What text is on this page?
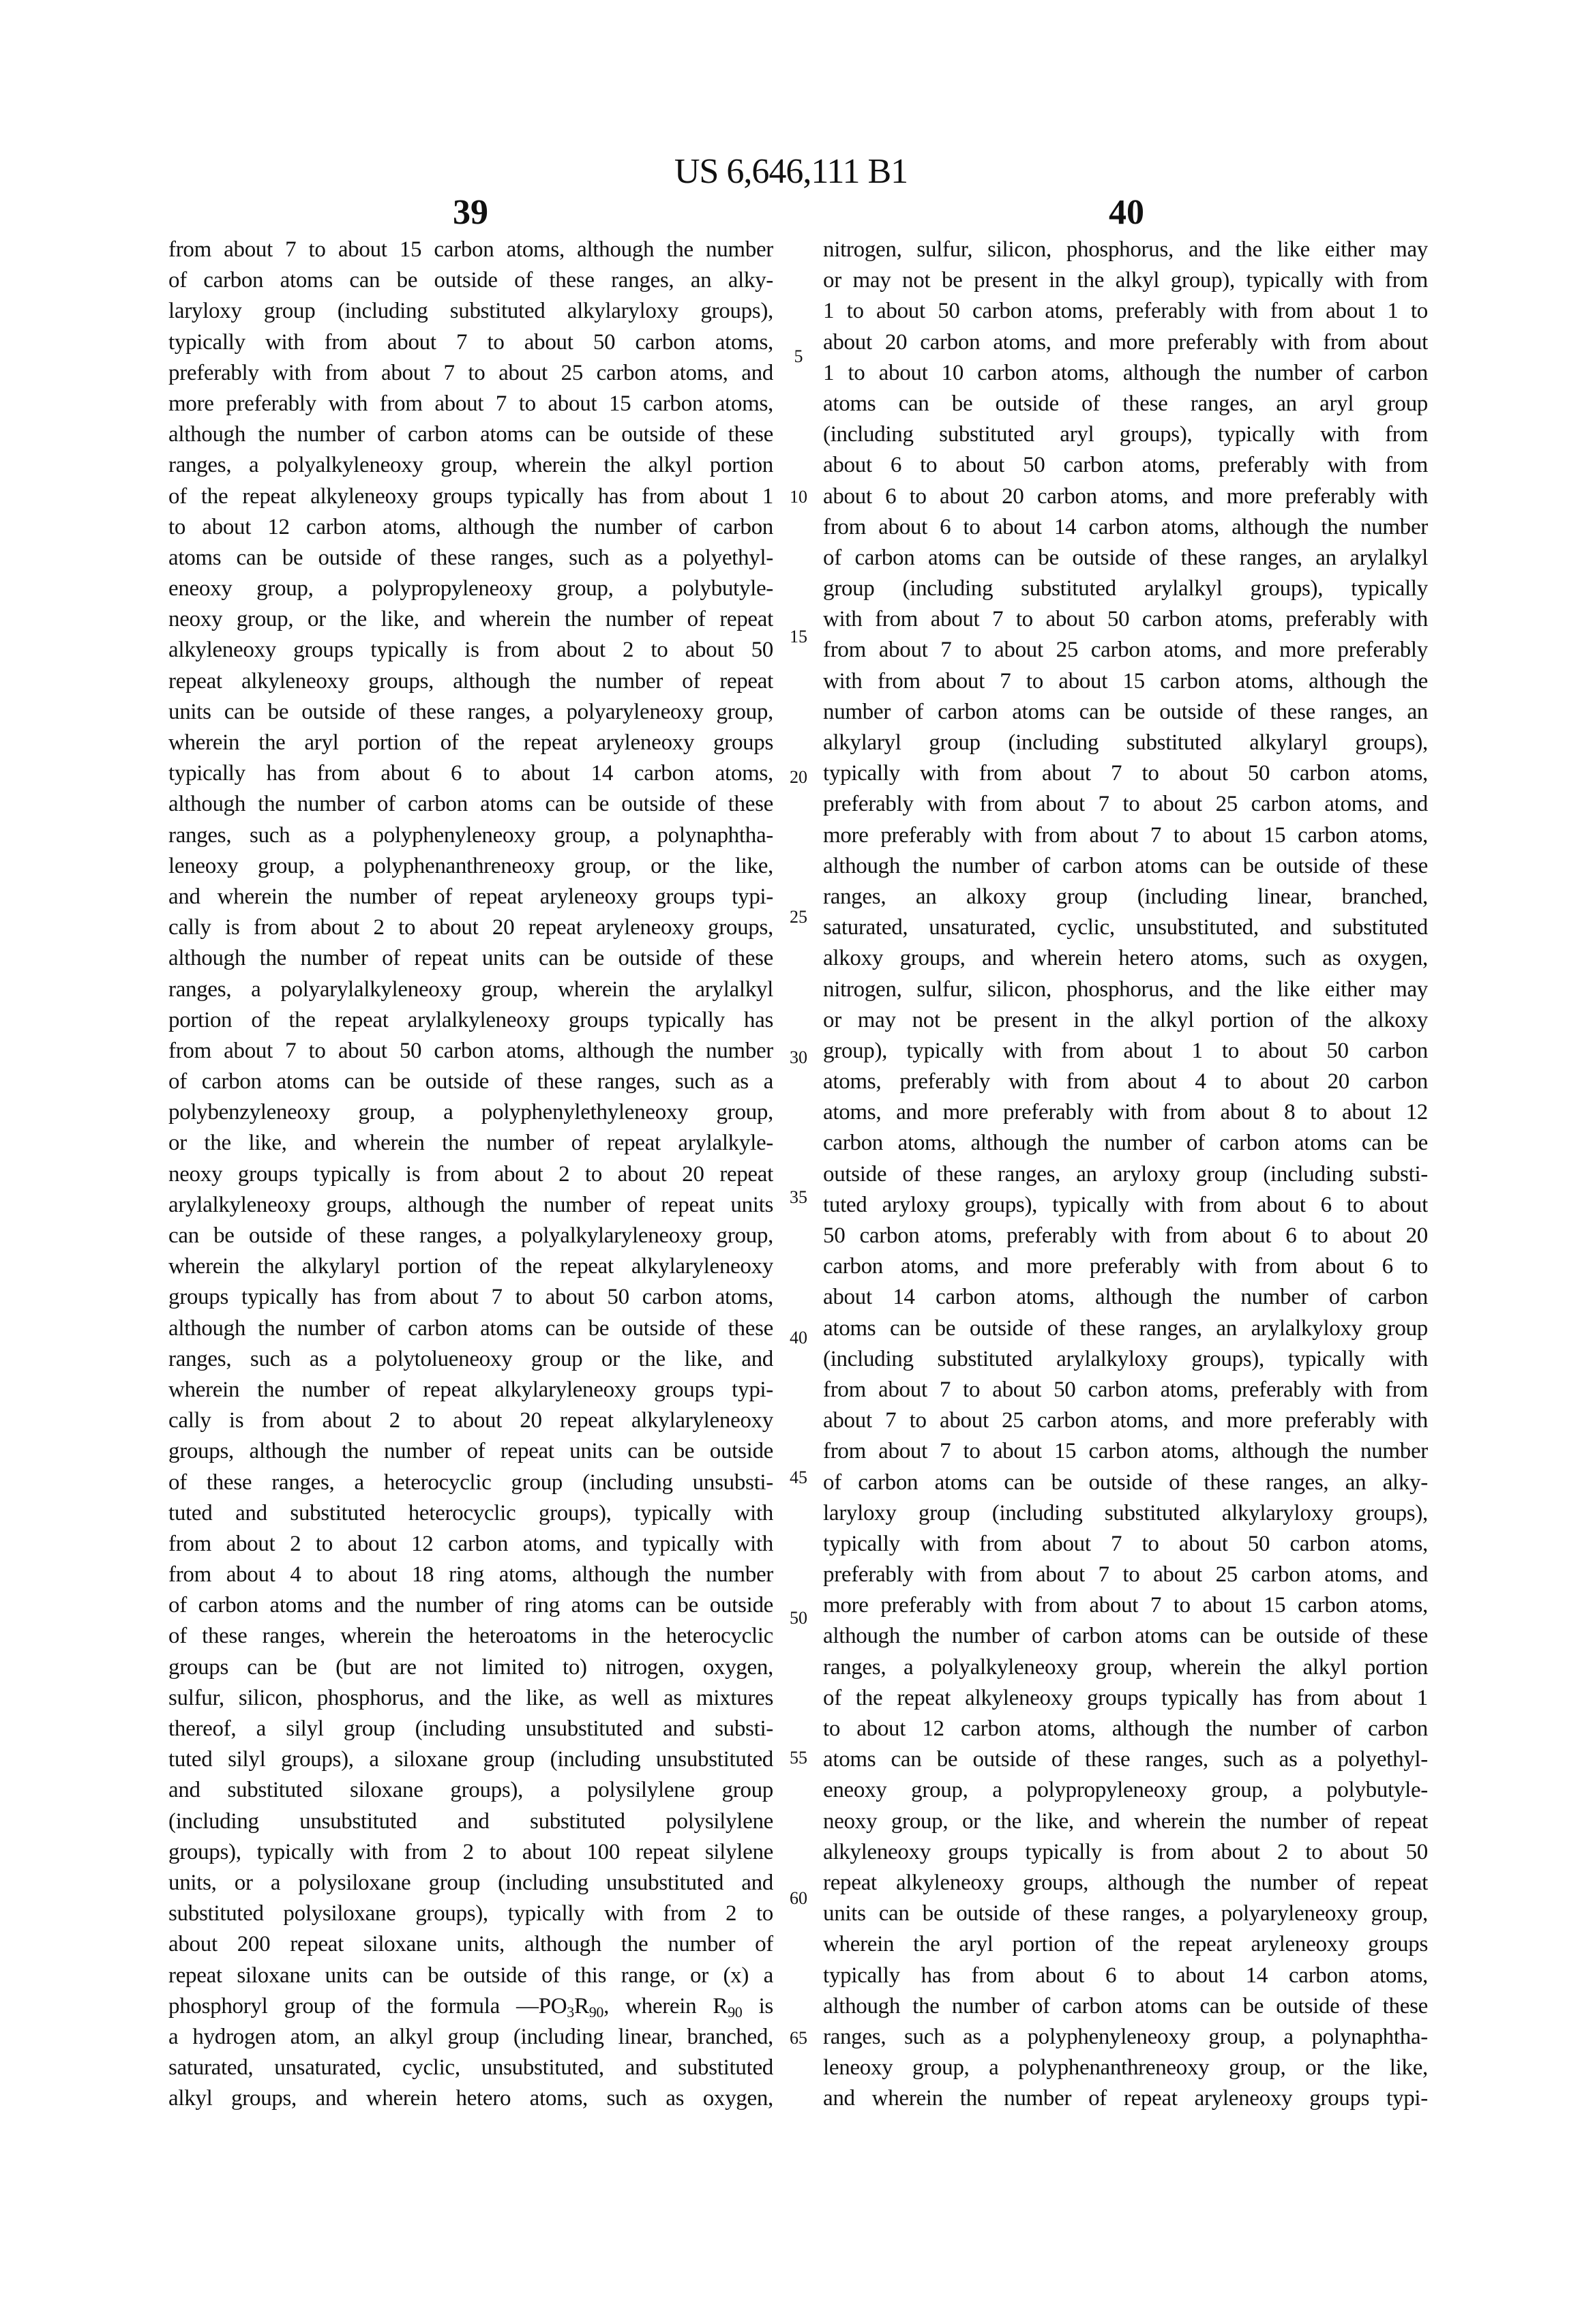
US 6,646,111 B1
39	40
from about 7 to about 15 carbon atoms, although the number
of carbon atoms can be outside of these ranges, an alky-
laryloxy group (including substituted alkylaryloxy groups),
typically with from about 7 to about 50 carbon atoms,
preferably with from about 7 to about 25 carbon atoms, and
more preferably with from about 7 to about 15 carbon atoms,
although the number of carbon atoms can be outside of these
ranges, a polyalkyleneoxy group, wherein the alkyl portion
of the repeat alkyleneoxy groups typically has from about 1
to about 12 carbon atoms, although the number of carbon
atoms can be outside of these ranges, such as a polyethyl-
eneoxy group, a polypropyleneoxy group, a polybutyle-
neoxy group, or the like, and wherein the number of repeat
alkyleneoxy groups typically is from about 2 to about 50
repeat alkyleneoxy groups, although the number of repeat
units can be outside of these ranges, a polyaryleneoxy group,
wherein the aryl portion of the repeat aryleneoxy groups
typically has from about 6 to about 14 carbon atoms,
although the number of carbon atoms can be outside of these
ranges, such as a polyphenyleneoxy group, a polynaphtha-
leneoxy group, a polyphenanthreneoxy group, or the like,
and wherein the number of repeat aryleneoxy groups typi-
cally is from about 2 to about 20 repeat aryleneoxy groups,
although the number of repeat units can be outside of these
ranges, a polyarylalkyleneoxy group, wherein the arylalkyl
portion of the repeat arylalkyleneoxy groups typically has
from about 7 to about 50 carbon atoms, although the number
of carbon atoms can be outside of these ranges, such as a
polybenzyleneoxy group, a polyphenylethyleneoxy group,
or the like, and wherein the number of repeat arylalkyle-
neoxy groups typically is from about 2 to about 20 repeat
arylalkyleneoxy groups, although the number of repeat units
can be outside of these ranges, a polyalkylaryleneoxy group,
wherein the alkylaryl portion of the repeat alkylaryleneoxy
groups typically has from about 7 to about 50 carbon atoms,
although the number of carbon atoms can be outside of these
ranges, such as a polytolueneoxy group or the like, and
wherein the number of repeat alkylaryleneoxy groups typi-
cally is from about 2 to about 20 repeat alkylaryleneoxy
groups, although the number of repeat units can be outside
of these ranges, a heterocyclic group (including unsubsti-
tuted and substituted heterocyclic groups), typically with
from about 2 to about 12 carbon atoms, and typically with
from about 4 to about 18 ring atoms, although the number
of carbon atoms and the number of ring atoms can be outside
of these ranges, wherein the heteroatoms in the heterocyclic
groups can be (but are not limited to) nitrogen, oxygen,
sulfur, silicon, phosphorus, and the like, as well as mixtures
thereof, a silyl group (including unsubstituted and substi-
tuted silyl groups), a siloxane group (including unsubstituted
and substituted siloxane groups), a polysilylene group
(including unsubstituted and substituted polysilylene
groups), typically with from 2 to about 100 repeat silylene
units, or a polysiloxane group (including unsubstituted and
substituted polysiloxane groups), typically with from 2 to
about 200 repeat siloxane units, although the number of
repeat siloxane units can be outside of this range, or (x) a
phosphoryl group of the formula —PO3R90, wherein R90 is
a hydrogen atom, an alkyl group (including linear, branched,
saturated, unsaturated, cyclic, unsubstituted, and substituted
alkyl groups, and wherein hetero atoms, such as oxygen,
5
10
15
20
25
30
35
40
45
50
55
60
65
nitrogen, sulfur, silicon, phosphorus, and the like either may
or may not be present in the alkyl group), typically with from
1 to about 50 carbon atoms, preferably with from about 1 to
about 20 carbon atoms, and more preferably with from about
1 to about 10 carbon atoms, although the number of carbon
atoms can be outside of these ranges, an aryl group
(including substituted aryl groups), typically with from
about 6 to about 50 carbon atoms, preferably with from
about 6 to about 20 carbon atoms, and more preferably with
from about 6 to about 14 carbon atoms, although the number
of carbon atoms can be outside of these ranges, an arylalkyl
group (including substituted arylalkyl groups), typically
with from about 7 to about 50 carbon atoms, preferably with
from about 7 to about 25 carbon atoms, and more preferably
with from about 7 to about 15 carbon atoms, although the
number of carbon atoms can be outside of these ranges, an
alkylaryl group (including substituted alkylaryl groups),
typically with from about 7 to about 50 carbon atoms,
preferably with from about 7 to about 25 carbon atoms, and
more preferably with from about 7 to about 15 carbon atoms,
although the number of carbon atoms can be outside of these
ranges, an alkoxy group (including linear, branched,
saturated, unsaturated, cyclic, unsubstituted, and substituted
alkoxy groups, and wherein hetero atoms, such as oxygen,
nitrogen, sulfur, silicon, phosphorus, and the like either may
or may not be present in the alkyl portion of the alkoxy
group), typically with from about 1 to about 50 carbon
atoms, preferably with from about 4 to about 20 carbon
atoms, and more preferably with from about 8 to about 12
carbon atoms, although the number of carbon atoms can be
outside of these ranges, an aryloxy group (including substi-
tuted aryloxy groups), typically with from about 6 to about
50 carbon atoms, preferably with from about 6 to about 20
carbon atoms, and more preferably with from about 6 to
about 14 carbon atoms, although the number of carbon
atoms can be outside of these ranges, an arylalkyloxy group
(including substituted arylalkyloxy groups), typically with
from about 7 to about 50 carbon atoms, preferably with from
about 7 to about 25 carbon atoms, and more preferably with
from about 7 to about 15 carbon atoms, although the number
of carbon atoms can be outside of these ranges, an alky-
laryloxy group (including substituted alkylaryloxy groups),
typically with from about 7 to about 50 carbon atoms,
preferably with from about 7 to about 25 carbon atoms, and
more preferably with from about 7 to about 15 carbon atoms,
although the number of carbon atoms can be outside of these
ranges, a polyalkyleneoxy group, wherein the alkyl portion
of the repeat alkyleneoxy groups typically has from about 1
to about 12 carbon atoms, although the number of carbon
atoms can be outside of these ranges, such as a polyethyl-
eneoxy group, a polypropyleneoxy group, a polybutyle-
neoxy group, or the like, and wherein the number of repeat
alkyleneoxy groups typically is from about 2 to about 50
repeat alkyleneoxy groups, although the number of repeat
units can be outside of these ranges, a polyaryleneoxy group,
wherein the aryl portion of the repeat aryleneoxy groups
typically has from about 6 to about 14 carbon atoms,
although the number of carbon atoms can be outside of these
ranges, such as a polyphenyleneoxy group, a polynaphtha-
leneoxy group, a polyphenanthreneoxy group, or the like,
and wherein the number of repeat aryleneoxy groups typi-
